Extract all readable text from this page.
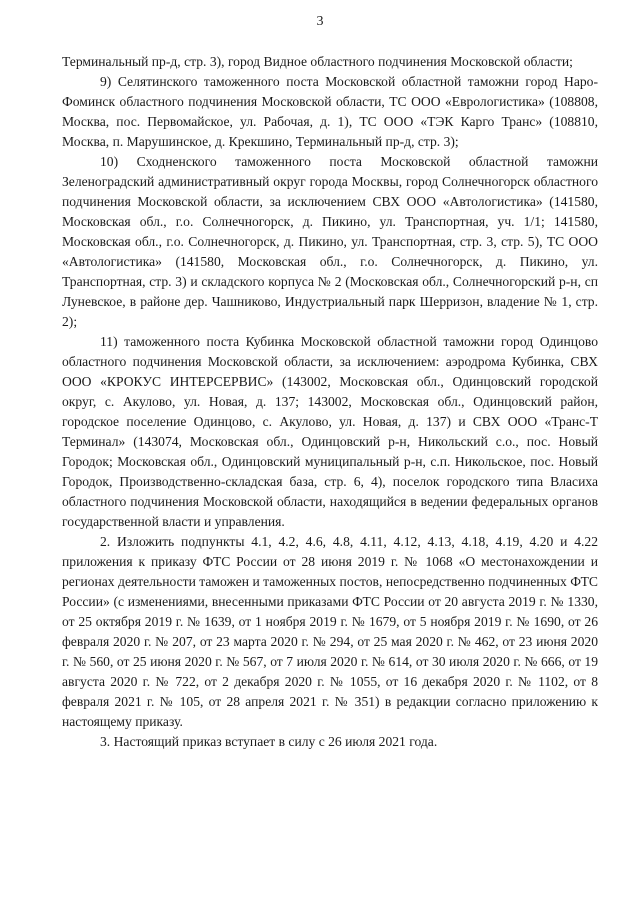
3

Терминальный пр-д, стр. 3), город Видное областного подчинения Московской области;

9) Селятинского таможенного поста Московской областной таможни город Наро-Фоминск областного подчинения Московской области, ТС ООО «Еврологистика» (108808, Москва, пос. Первомайское, ул. Рабочая, д. 1), ТС ООО «ТЭК Карго Транс» (108810, Москва, п. Марушинское, д. Крекшино, Терминальный пр-д, стр. 3);

10) Сходненского таможенного поста Московской областной таможни Зеленоградский административный округ города Москвы, город Солнечногорск областного подчинения Московской области, за исключением СВХ ООО «Автологистика» (141580, Московская обл., г.о. Солнечногорск, д. Пикино, ул. Транспортная, уч. 1/1; 141580, Московская обл., г.о. Солнечногорск, д. Пикино, ул. Транспортная, стр. 3, стр. 5), ТС ООО «Автологистика» (141580, Московская обл., г.о. Солнечногорск, д. Пикино, ул. Транспортная, стр. 3) и складского корпуса № 2 (Московская обл., Солнечногорский р-н, сп Луневское, в районе дер. Чашниково, Индустриальный парк Шерризон, владение № 1, стр. 2);

11) таможенного поста Кубинка Московской областной таможни город Одинцово областного подчинения Московской области, за исключением: аэродрома Кубинка, СВХ ООО «КРОКУС ИНТЕРСЕРВИС» (143002, Московская обл., Одинцовский городской округ, с. Акулово, ул. Новая, д. 137; 143002, Московская обл., Одинцовский район, городское поселение Одинцово, с. Акулово, ул. Новая, д. 137) и СВХ ООО «Транс-Т Терминал» (143074, Московская обл., Одинцовский р-н, Никольский с.о., пос. Новый Городок; Московская обл., Одинцовский муниципальный р-н, с.п. Никольское, пос. Новый Городок, Производственно-складская база, стр. 6, 4), поселок городского типа Власиха областного подчинения Московской области, находящийся в ведении федеральных органов государственной власти и управления.

2. Изложить подпункты 4.1, 4.2, 4.6, 4.8, 4.11, 4.12, 4.13, 4.18, 4.19, 4.20 и 4.22 приложения к приказу ФТС России от 28 июня 2019 г. № 1068 «О местонахождении и регионах деятельности таможен и таможенных постов, непосредственно подчиненных ФТС России» (с изменениями, внесенными приказами ФТС России от 20 августа 2019 г. № 1330, от 25 октября 2019 г. № 1639, от 1 ноября 2019 г. № 1679, от 5 ноября 2019 г. № 1690, от 26 февраля 2020 г. № 207, от 23 марта 2020 г. № 294, от 25 мая 2020 г. № 462, от 23 июня 2020 г. № 560, от 25 июня 2020 г. № 567, от 7 июля 2020 г. № 614, от 30 июля 2020 г. № 666, от 19 августа 2020 г. № 722, от 2 декабря 2020 г. № 1055, от 16 декабря 2020 г. № 1102, от 8 февраля 2021 г. № 105, от 28 апреля 2021 г. № 351) в редакции согласно приложению к настоящему приказу.

3. Настоящий приказ вступает в силу с 26 июля 2021 года.
